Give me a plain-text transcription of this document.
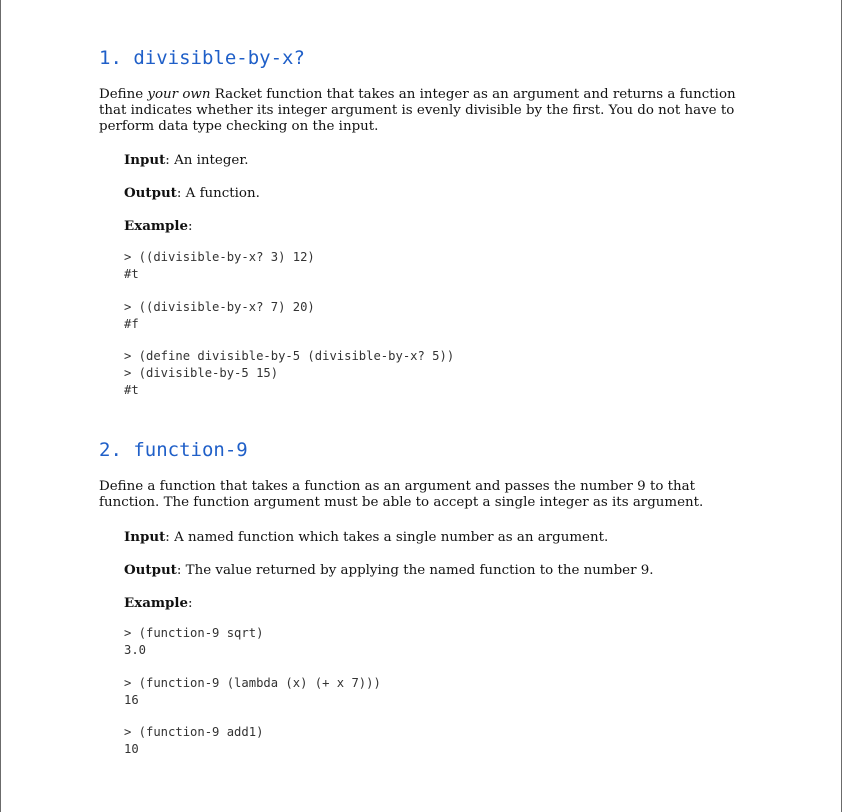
1. divisible-by-x?

Define your own Racket function that takes an integer as an argument and returns a function that indicates whether its integer argument is evenly divisible by the first. You do not have to perform data type checking on the input.

Input: An integer.

Output: A function.

Example:

> ((divisible-by-x? 3) 12)
#t
> ((divisible-by-x? 7) 20)
#f
> (define divisible-by-5 (divisible-by-x? 5))
> (divisible-by-5 15)
#t
2. function-9

Define a function that takes a function as an argument and passes the number 9 to that function. The function argument must be able to accept a single integer as its argument.

Input: A named function which takes a single number as an argument.

Output: The value returned by applying the named function to the number 9.

Example:

> (function-9 sqrt)
3.0
> (function-9 (lambda (x) (+ x 7)))
16
> (function-9 add1)
10
